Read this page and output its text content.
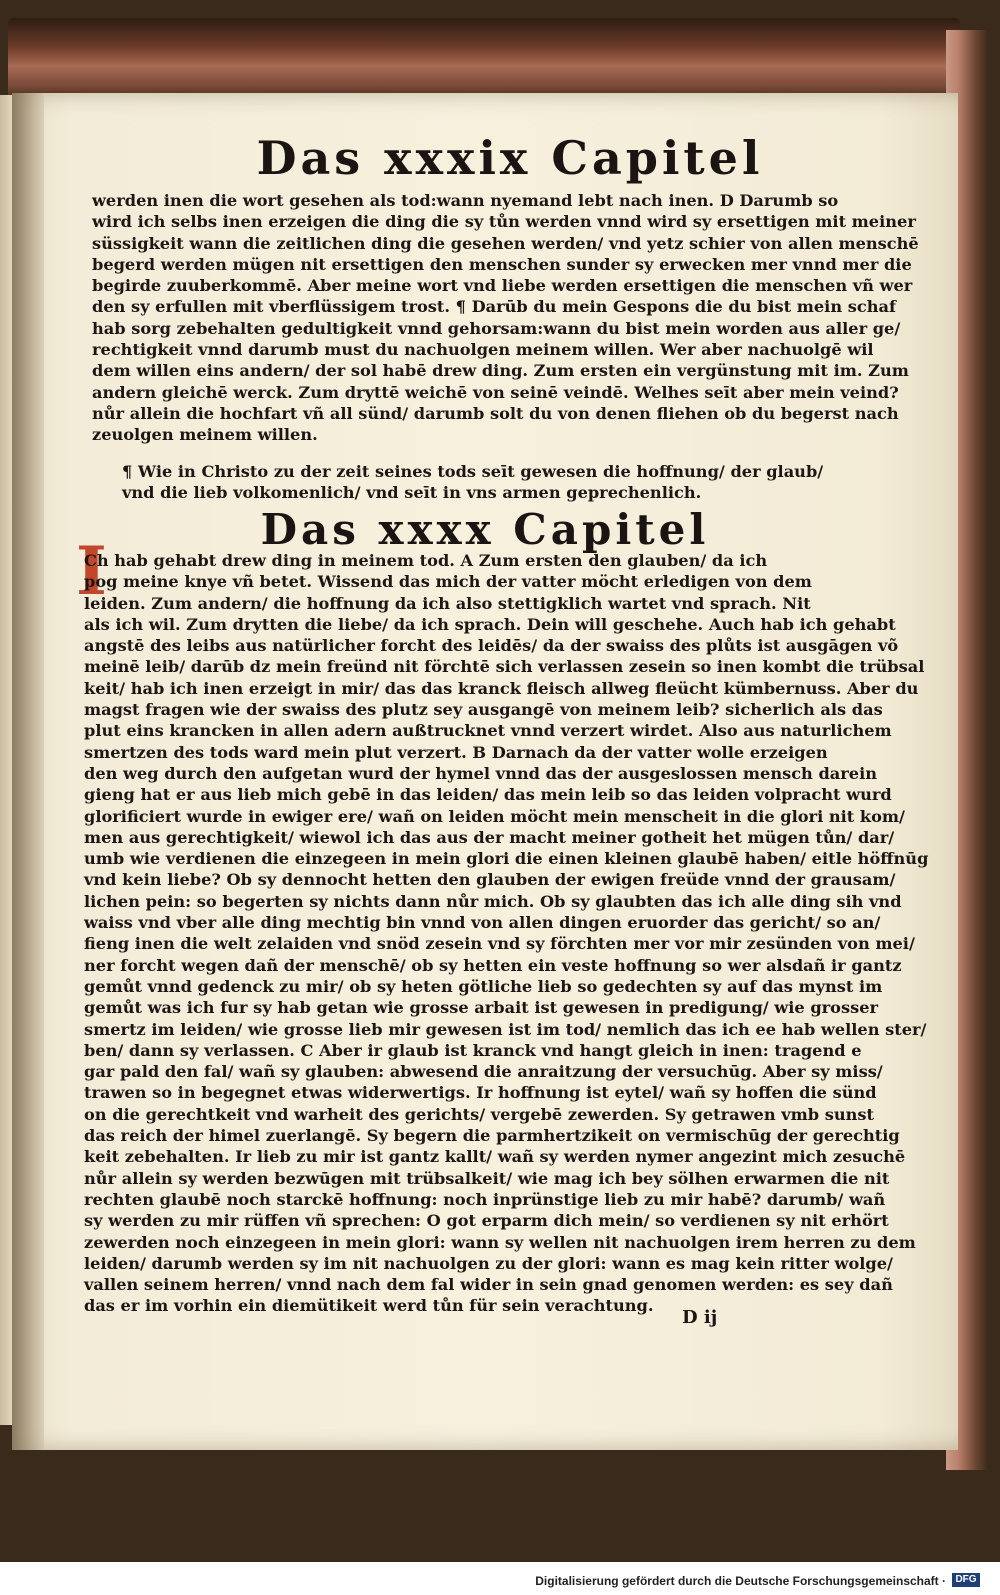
Das xxxix Capitel
werden inen die wort gesehen als tod:wann nyemand lebt nach inen. D Darumb so
wird ich selbs inen erzeigen die ding die sy tůn werden vnnd wird sy ersettigen mit meiner
süssigkeit wann die zeitlichen ding die gesehen werden/ vnd yetz schier von allen menschē
begerd werden mügen nit ersettigen den menschen sunder sy erwecken mer vnnd mer die
begirde zuuberkommē. Aber meine wort vnd liebe werden ersettigen die menschen vñ wer
den sy erfullen mit vberflüssigem trost. ¶ Darūb du mein Gespons die du bist mein schaf
hab sorg zebehalten gedultigkeit vnnd gehorsam:wann du bist mein worden aus aller ge/
rechtigkeit vnnd darumb must du nachuolgen meinem willen. Wer aber nachuolgē wil
dem willen eins andern/ der sol habē drew ding. Zum ersten ein vergünstung mit im. Zum
andern gleichē werck. Zum dryttē weichē von seinē veindē. Welhes seīt aber mein veind?
nůr allein die hochfart vñ all sünd/ darumb solt du von denen fliehen ob du begerst nach
zeuolgen meinem willen.
¶ Wie in Christo zu der zeit seines tods seīt gewesen die hoffnung/ der glaub/
vnd die lieb volkomenlich/ vnd seīt in vns armen geprechenlich.
Das xxxx Capitel
I
Ch hab gehabt drew ding in meinem tod. A Zum ersten den glauben/ da ich
pog meine knye vñ betet. Wissend das mich der vatter möcht erledigen von dem
leiden. Zum andern/ die hoffnung da ich also stettigklich wartet vnd sprach. Nit
als ich wil. Zum drytten die liebe/ da ich sprach. Dein will geschehe. Auch hab ich gehabt
angstē des leibs aus natürlicher forcht des leidēs/ da der swaiss des plůts ist ausgāgen võ
meinē leib/ darūb dz mein freünd nit förchtē sich verlassen zesein so inen kombt die trübsal
keit/ hab ich inen erzeigt in mir/ das das kranck fleisch allweg fleücht kümbernuss. Aber du
magst fragen wie der swaiss des plutz sey ausgangē von meinem leib? sicherlich als das
plut eins krancken in allen adern außtrucknet vnnd verzert wirdet. Also aus naturlichem
smertzen des tods ward mein plut verzert. B Darnach da der vatter wolle erzeigen
den weg durch den aufgetan wurd der hymel vnnd das der ausgeslossen mensch darein
gieng hat er aus lieb mich gebē in das leiden/ das mein leib so das leiden volpracht wurd
glorificiert wurde in ewiger ere/ wañ on leiden möcht mein menscheit in die glori nit kom/
men aus gerechtigkeit/ wiewol ich das aus der macht meiner gotheit het mügen tůn/ dar/
umb wie verdienen die einzegeen in mein glori die einen kleinen glaubē haben/ eitle höffnūg
vnd kein liebe? Ob sy dennocht hetten den glauben der ewigen freüde vnnd der grausam/
lichen pein: so begerten sy nichts dann nůr mich. Ob sy glaubten das ich alle ding sih vnd
waiss vnd vber alle ding mechtig bin vnnd von allen dingen eruorder das gericht/ so an/
fieng inen die welt zelaiden vnd snöd zesein vnd sy förchten mer vor mir zesünden von mei/
ner forcht wegen dañ der menschē/ ob sy hetten ein veste hoffnung so wer alsdañ ir gantz
gemůt vnnd gedenck zu mir/ ob sy heten götliche lieb so gedechten sy auf das mynst im
gemůt was ich fur sy hab getan wie grosse arbait ist gewesen in predigung/ wie grosser
smertz im leiden/ wie grosse lieb mir gewesen ist im tod/ nemlich das ich ee hab wellen ster/
ben/ dann sy verlassen. C Aber ir glaub ist kranck vnd hangt gleich in inen: tragend e
gar pald den fal/ wañ sy glauben: abwesend die anraitzung der versuchūg. Aber sy miss/
trawen so in begegnet etwas widerwertigs. Ir hoffnung ist eytel/ wañ sy hoffen die sünd
on die gerechtkeit vnd warheit des gerichts/ vergebē zewerden. Sy getrawen vmb sunst
das reich der himel zuerlangē. Sy begern die parmhertzikeit on vermischūg der gerechtig
keit zebehalten. Ir lieb zu mir ist gantz kallt/ wañ sy werden nymer angezint mich zesuchē
nůr allein sy werden bezwūgen mit trübsalkeit/ wie mag ich bey sölhen erwarmen die nit
rechten glaubē noch starckē hoffnung: noch inprünstige lieb zu mir habē? darumb/ wañ
sy werden zu mir rüffen vñ sprechen: O got erparm dich mein/ so verdienen sy nit erhört
zewerden noch einzegeen in mein glori: wann sy wellen nit nachuolgen irem herren zu dem
leiden/ darumb werden sy im nit nachuolgen zu der glori: wann es mag kein ritter wolge/
vallen seinem herren/ vnnd nach dem fal wider in sein gnad genomen werden: es sey dañ
das er im vorhin ein diemütikeit werd tůn für sein verachtung.
D ij
Digitalisierung gefördert durch die Deutsche Forschungsgemeinschaft · DFG
